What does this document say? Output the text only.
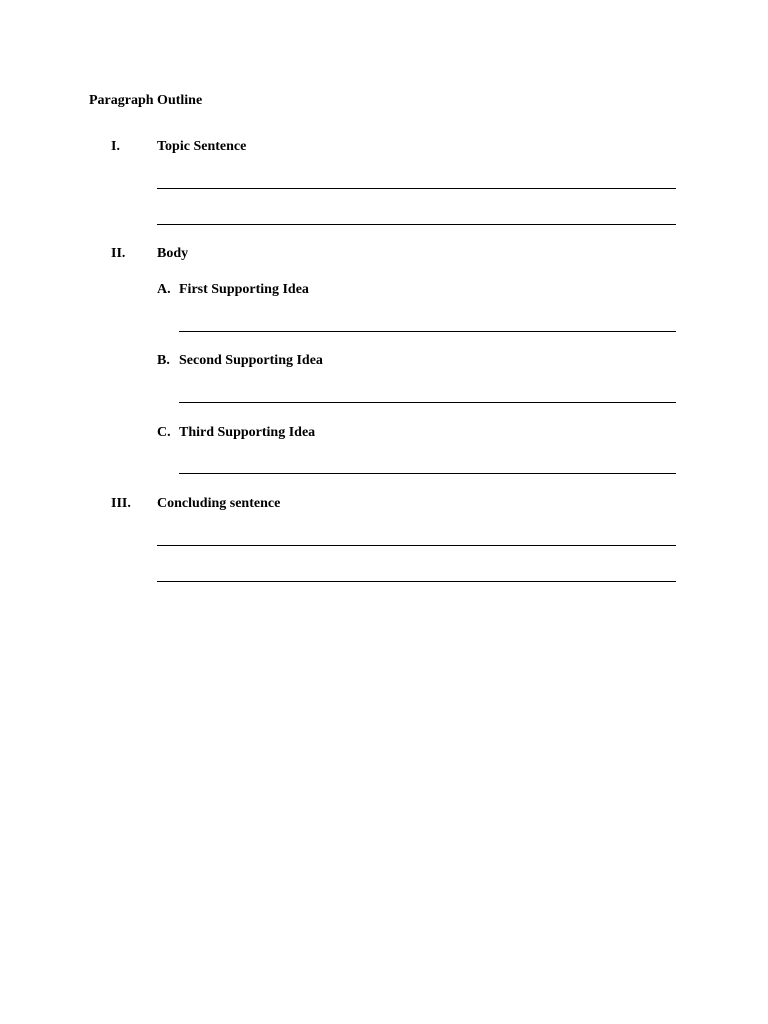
Paragraph Outline
I.	Topic Sentence
II. Body
A. First Supporting Idea
B. Second Supporting Idea
C. Third Supporting Idea
III. Concluding sentence
